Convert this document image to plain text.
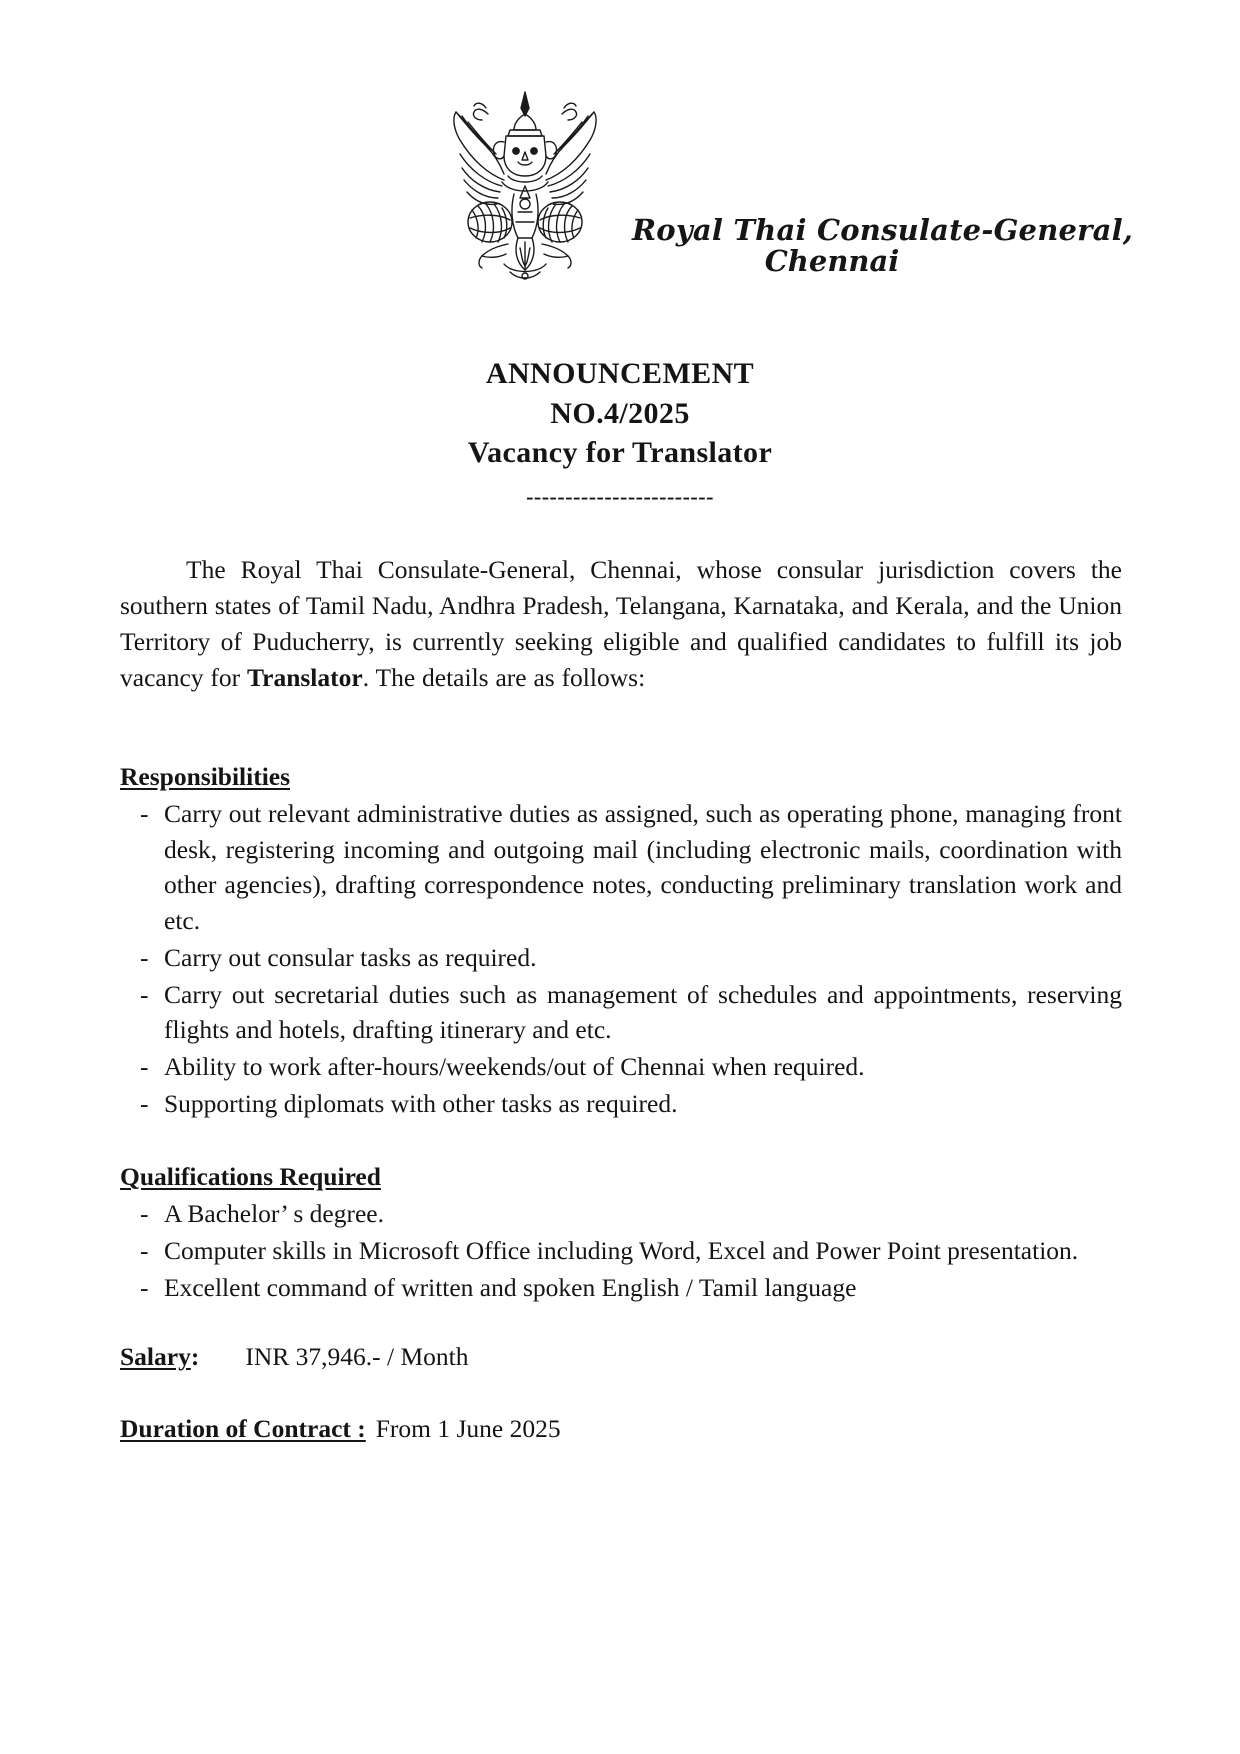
Royal Thai Consulate-General,
Chennai
ANNOUNCEMENT
NO.4/2025
Vacancy for Translator
------------------------

The Royal Thai Consulate-General, Chennai, whose consular jurisdiction covers the southern states of Tamil Nadu, Andhra Pradesh, Telangana, Karnataka, and Kerala, and the Union Territory of Puducherry, is currently seeking eligible and qualified candidates to fulfill its job vacancy for Translator. The details are as follows:

Responsibilities
- Carry out relevant administrative duties as assigned, such as operating phone, managing front desk, registering incoming and outgoing mail (including electronic mails, coordination with other agencies), drafting correspondence notes, conducting preliminary translation work and etc.
- Carry out consular tasks as required.
- Carry out secretarial duties such as management of schedules and appointments, reserving flights and hotels, drafting itinerary and etc.
- Ability to work after-hours/weekends/out of Chennai when required.
- Supporting diplomats with other tasks as required.
Qualifications Required
- A Bachelor’ s degree.
- Computer skills in Microsoft Office including Word, Excel and Power Point presentation.
- Excellent command of written and spoken English / Tamil language
Salary: INR 37,946.- / Month
Duration of Contract : From 1 June 2025
